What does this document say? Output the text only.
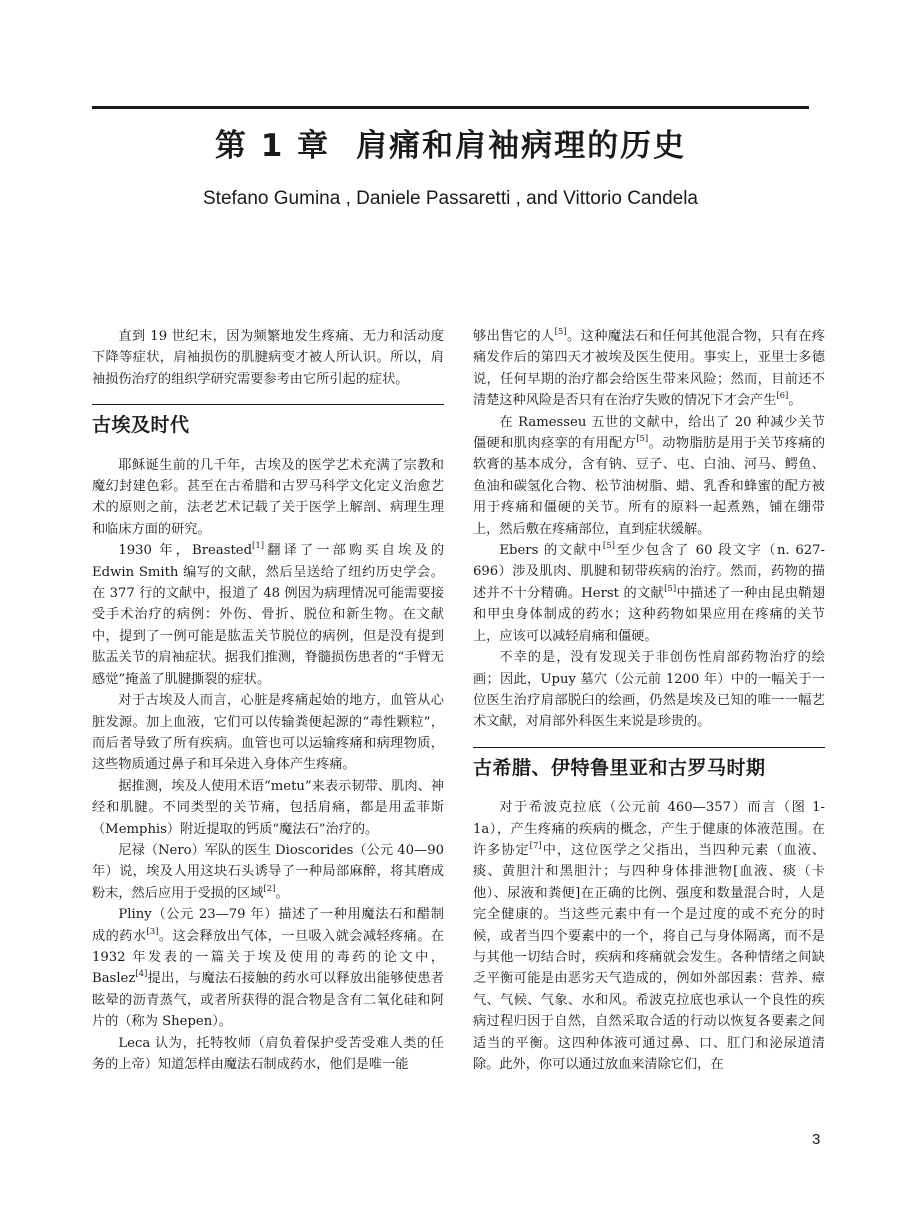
第 1 章 肩痛和肩袖病理的历史
Stefano Gumina , Daniele Passaretti , and Vittorio Candela

直到 19 世纪末，因为频繁地发生疼痛、无力和活动度下降等症状，肩袖损伤的肌腱病变才被人所认识。所以，肩袖损伤治疗的组织学研究需要参考由它所引起的症状。

古埃及时代

耶稣诞生前的几千年，古埃及的医学艺术充满了宗教和魔幻封建色彩。甚至在古希腊和古罗马科学文化定义治愈艺术的原则之前，法老艺术记载了关于医学上解剖、病理生理和临床方面的研究。

1930 年，Breasted[1]翻译了一部购买自埃及的 Edwin Smith 编写的文献，然后呈送给了纽约历史学会。在 377 行的文献中，报道了 48 例因为病理情况可能需要接受手术治疗的病例：外伤、骨折、脱位和新生物。在文献中，提到了一例可能是肱盂关节脱位的病例，但是没有提到肱盂关节的肩袖症状。据我们推测，脊髓损伤患者的“手臂无感觉”掩盖了肌腱撕裂的症状。

对于古埃及人而言，心脏是疼痛起始的地方，血管从心脏发源。加上血液，它们可以传输粪便起源的“毒性颗粒”，而后者导致了所有疾病。血管也可以运输疼痛和病理物质，这些物质通过鼻子和耳朵进入身体产生疼痛。

据推测，埃及人使用术语“metu”来表示韧带、肌肉、神经和肌腱。不同类型的关节痛，包括肩痛，都是用孟菲斯（Memphis）附近提取的钙质“魔法石”治疗的。

尼禄（Nero）军队的医生 Dioscorides（公元 40—90 年）说，埃及人用这块石头诱导了一种局部麻醉，将其磨成粉末，然后应用于受损的区域[2]。

Pliny（公元 23—79 年）描述了一种用魔法石和醋制成的药水[3]。这会释放出气体，一旦吸入就会减轻疼痛。在 1932 年发表的一篇关于埃及使用的毒药的论文中，Baslez[4]提出，与魔法石接触的药水可以释放出能够使患者眩晕的沥青蒸气，或者所获得的混合物是含有二氧化硅和阿片的（称为 Shepen）。

Leca 认为，托特牧师（肩负着保护受苦受难人类的任务的上帝）知道怎样由魔法石制成药水，他们是唯一能

够出售它的人[5]。这种魔法石和任何其他混合物，只有在疼痛发作后的第四天才被埃及医生使用。事实上，亚里士多德说，任何早期的治疗都会给医生带来风险；然而，目前还不清楚这种风险是否只有在治疗失败的情况下才会产生[6]。

在 Ramesseu 五世的文献中，给出了 20 种减少关节僵硬和肌肉痉挛的有用配方[5]。动物脂肪是用于关节疼痛的软膏的基本成分，含有钠、豆子、屯、白油、河马、鳄鱼、鱼油和碳氢化合物、松节油树脂、蜡、乳香和蜂蜜的配方被用于疼痛和僵硬的关节。所有的原料一起煮熟，铺在绷带上，然后敷在疼痛部位，直到症状缓解。

Ebers 的文献中[5]至少包含了 60 段文字（n. 627-696）涉及肌肉、肌腱和韧带疾病的治疗。然而，药物的描述并不十分精确。Herst 的文献[5]中描述了一种由昆虫鞘翅和甲虫身体制成的药水；这种药物如果应用在疼痛的关节上，应该可以减轻肩痛和僵硬。

不幸的是，没有发现关于非创伤性肩部药物治疗的绘画；因此，Upuy 墓穴（公元前 1200 年）中的一幅关于一位医生治疗肩部脱臼的绘画，仍然是埃及已知的唯一一幅艺术文献，对肩部外科医生来说是珍贵的。

古希腊、伊特鲁里亚和古罗马时期

对于希波克拉底（公元前 460—357）而言（图 1-1a），产生疼痛的疾病的概念，产生于健康的体液范围。在许多协定[7]中，这位医学之父指出，当四种元素（血液、痰、黄胆汁和黑胆汁；与四种身体排泄物[血液、痰（卡他）、尿液和粪便]在正确的比例、强度和数量混合时，人是完全健康的。当这些元素中有一个是过度的或不充分的时候，或者当四个要素中的一个，将自己与身体隔离，而不是与其他一切结合时，疾病和疼痛就会发生。各种情绪之间缺乏平衡可能是由恶劣天气造成的，例如外部因素：营养、瘴气、气候、气象、水和风。希波克拉底也承认一个良性的疾病过程归因于自然，自然采取合适的行动以恢复各要素之间适当的平衡。这四种体液可通过鼻、口、肛门和泌尿道清除。此外，你可以通过放血来清除它们，在

3
